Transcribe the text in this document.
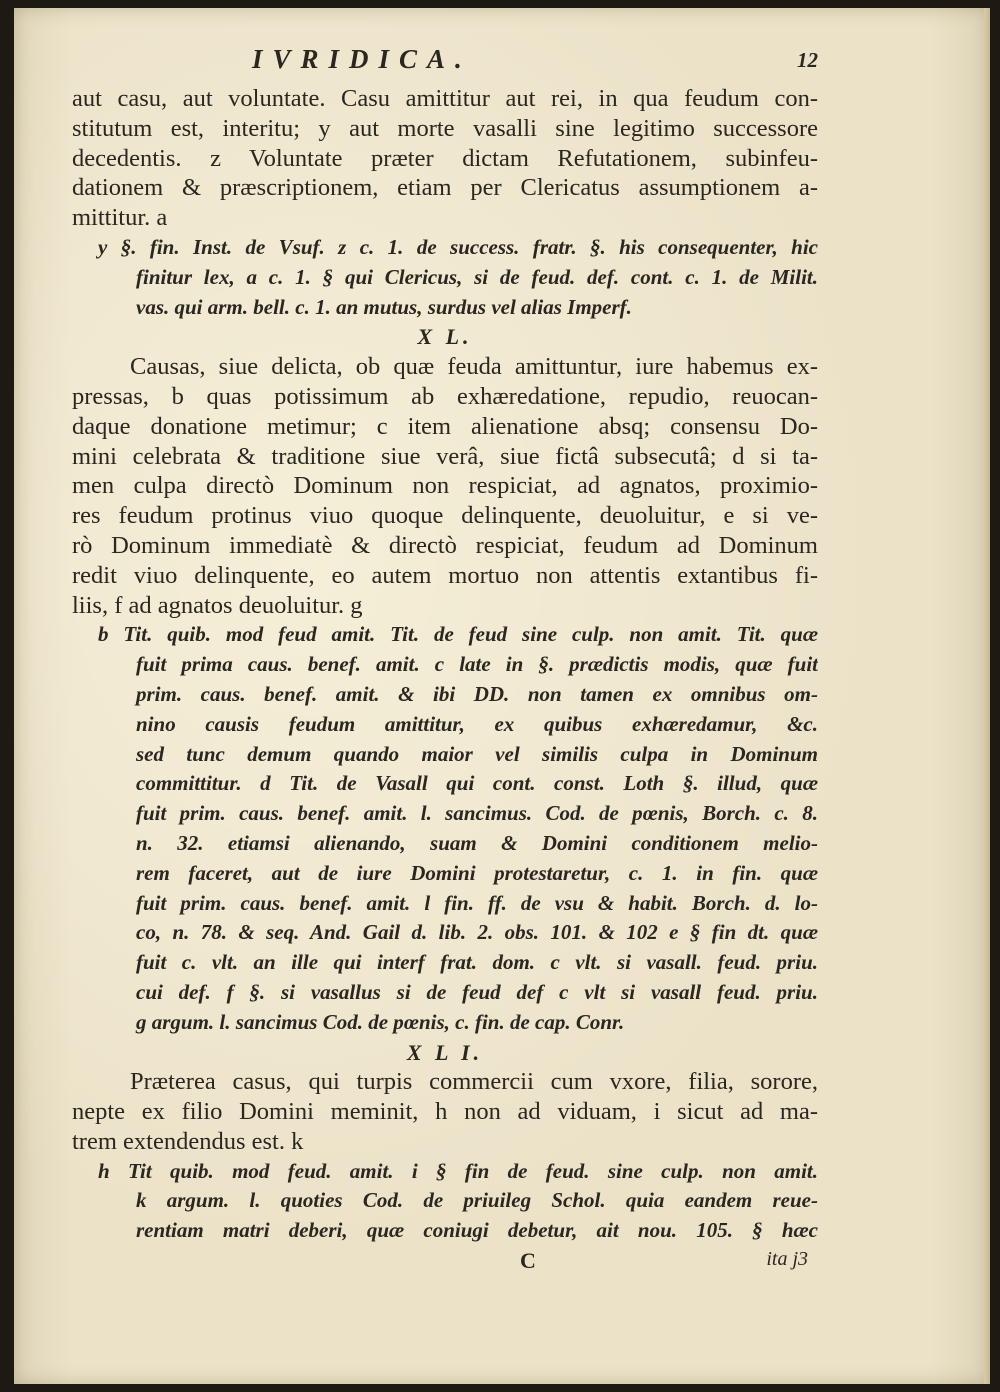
IVRIDICA.	12
aut casu, aut voluntate. Casu amittitur aut rei, in qua feudum con-
stitutum est, interitu; y aut morte vasalli sine legitimo successore
decedentis. z Voluntate præter dictam Refutationem, subinfeu-
dationem & præscriptionem, etiam per Clericatus assumptionem a-
mittitur. a
y §. fin. Inst. de Vsuf. z c. 1. de success. fratr. §. his consequenter, hic
finitur lex, a c. 1. § qui Clericus, si de feud. def. cont. c. 1. de Milit.
vas. qui arm. bell. c. 1. an mutus, surdus vel alias Imperf.
X L.
Causas, siue delicta, ob quæ feuda amittuntur, iure habemus ex-
pressas, b quas potissimum ab exhæredatione, repudio, reuocan-
daque donatione metimur; c item alienatione absq; consensu Do-
mini celebrata & traditione siue verâ, siue fictâ subsecutâ; d si ta-
men culpa directò Dominum non respiciat, ad agnatos, proximio-
res feudum protinus viuo quoque delinquente, deuoluitur, e si ve-
rò Dominum immediatè & directò respiciat, feudum ad Dominum
redit viuo delinquente, eo autem mortuo non attentis extantibus fi-
liis, f ad agnatos deuoluitur. g
b Tit. quib. mod feud amit. Tit. de feud sine culp. non amit. Tit. quæ
fuit prima caus. benef. amit. c late in §. prædictis modis, quæ fuit
prim. caus. benef. amit. & ibi DD. non tamen ex omnibus om-
nino causis feudum amittitur, ex quibus exhæredamur, &c.
sed tunc demum quando maior vel similis culpa in Dominum
committitur. d Tit. de Vasall qui cont. const. Loth §. illud, quæ
fuit prim. caus. benef. amit. l. sancimus. Cod. de pœnis, Borch. c. 8.
n. 32. etiamsi alienando, suam & Domini conditionem melio-
rem faceret, aut de iure Domini protestaretur, c. 1. in fin. quæ
fuit prim. caus. benef. amit. l fin. ff. de vsu & habit. Borch. d. lo-
co, n. 78. & seq. And. Gail d. lib. 2. obs. 101. & 102 e § fin dt. quæ
fuit c. vlt. an ille qui interf frat. dom. c vlt. si vasall. feud. priu.
cui def. f §. si vasallus si de feud def c vlt si vasall feud. priu.
g argum. l. sancimus Cod. de pœnis, c. fin. de cap. Conr.
X L I.
Præterea casus, qui turpis commercii cum vxore, filia, sorore,
nepte ex filio Domini meminit, h non ad viduam, i sicut ad ma-
trem extendendus est. k
h Tit quib. mod feud. amit. i § fin de feud. sine culp. non amit.
k argum. l. quoties Cod. de priuileg Schol. quia eandem reue-
rentiam matri deberi, quæ coniugi debetur, ait nou. 105. § hæc
C	ita j3
